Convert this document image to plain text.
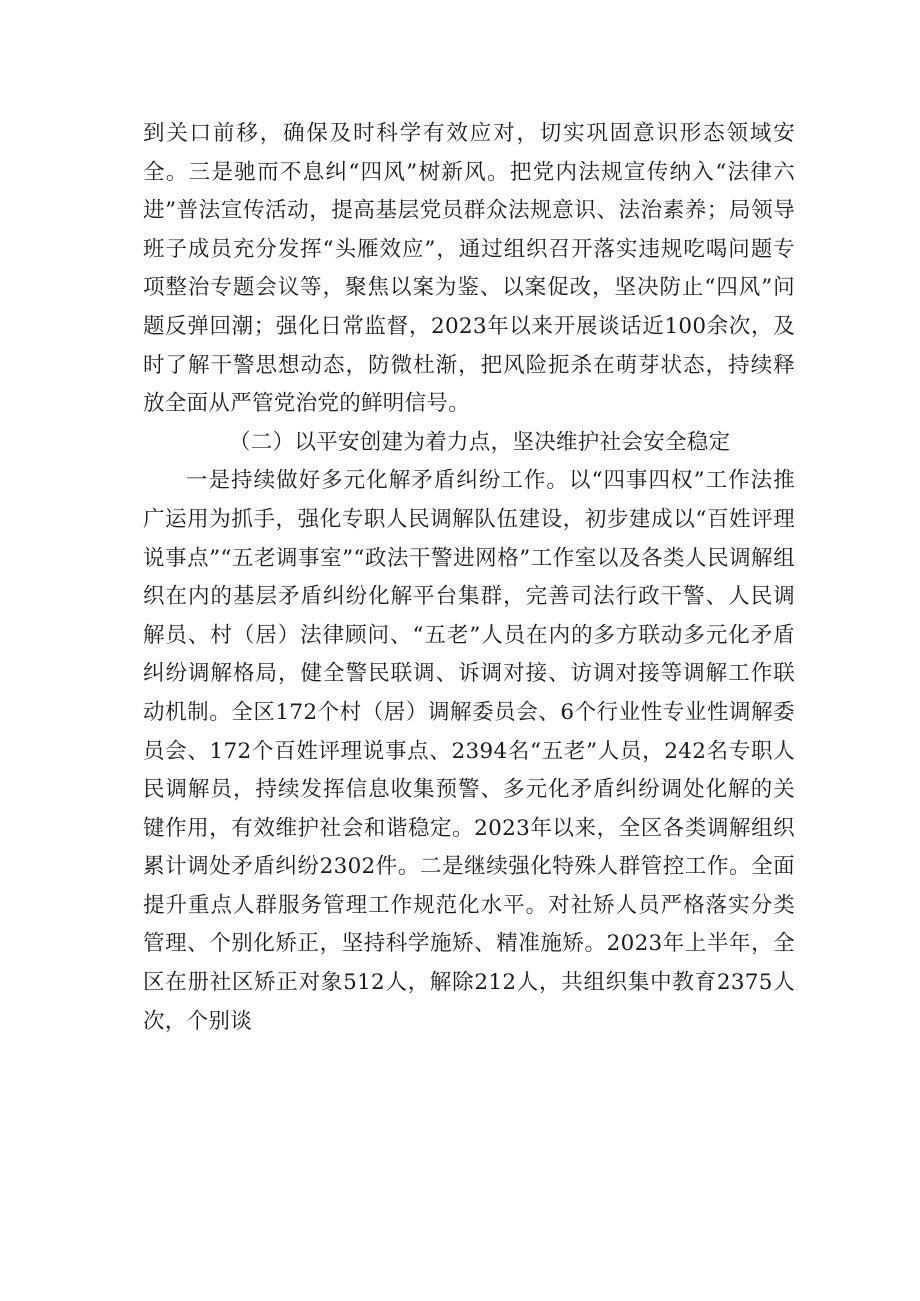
到关口前移，确保及时科学有效应对，切实巩固意识形态领域安全。三是驰而不息纠“四风”树新风。把党内法规宣传纳入“法律六进”普法宣传活动，提高基层党员群众法规意识、法治素养；局领导班子成员充分发挥“头雁效应”，通过组织召开落实违规吃喝问题专项整治专题会议等，聚焦以案为鉴、以案促改，坚决防止“四风”问题反弹回潮；强化日常监督，2023年以来开展谈话近100余次，及时了解干警思想动态，防微杜渐，把风险扼杀在萌芽状态，持续释放全面从严管党治党的鲜明信号。

（二）以平安创建为着力点，坚决维护社会安全稳定

一是持续做好多元化解矛盾纠纷工作。以“四事四权”工作法推广运用为抓手，强化专职人民调解队伍建设，初步建成以“百姓评理说事点”“五老调事室”“政法干警进网格”工作室以及各类人民调解组织在内的基层矛盾纠纷化解平台集群，完善司法行政干警、人民调解员、村（居）法律顾问、“五老”人员在内的多方联动多元化矛盾纠纷调解格局，健全警民联调、诉调对接、访调对接等调解工作联动机制。全区172个村（居）调解委员会、6个行业性专业性调解委员会、172个百姓评理说事点、2394名“五老”人员，242名专职人民调解员，持续发挥信息收集预警、多元化矛盾纠纷调处化解的关键作用，有效维护社会和谐稳定。2023年以来，全区各类调解组织累计调处矛盾纠纷2302件。二是继续强化特殊人群管控工作。全面提升重点人群服务管理工作规范化水平。对社矫人员严格落实分类管理、个别化矫正，坚持科学施矫、精准施矫。2023年上半年，全区在册社区矫正对象512人，解除212人，共组织集中教育2375人次，个别谈
